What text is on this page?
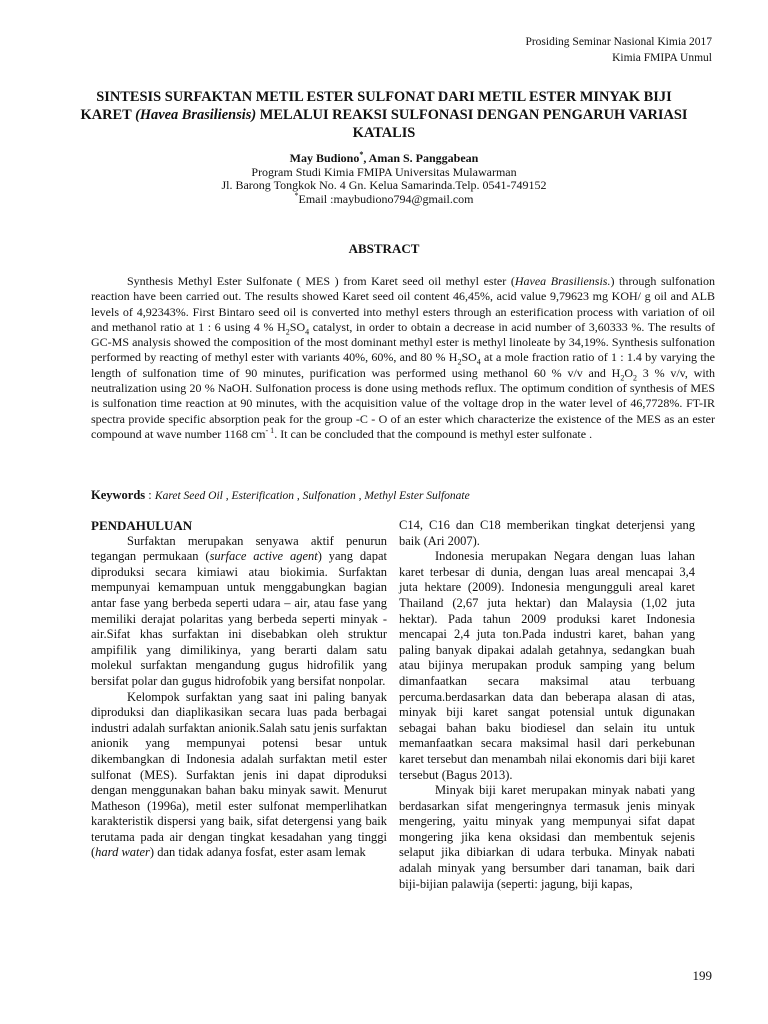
Prosiding Seminar Nasional Kimia 2017
Kimia FMIPA Unmul
SINTESIS SURFAKTAN METIL ESTER SULFONAT DARI METIL ESTER MINYAK BIJI KARET (Havea Brasiliensis) MELALUI REAKSI SULFONASI DENGAN PENGARUH VARIASI KATALIS
May Budiono*, Aman S. Panggabean
Program Studi Kimia FMIPA Universitas Mulawarman
Jl. Barong Tongkok No. 4 Gn. Kelua Samarinda.Telp. 0541-749152
*Email :maybudiono794@gmail.com
ABSTRACT

Synthesis Methyl Ester Sulfonate ( MES ) from Karet seed oil methyl ester (Havea Brasiliensis.) through sulfonation reaction have been carried out. The results showed Karet seed oil content 46,45%, acid value 9,79623 mg KOH/ g oil and ALB levels of 4,92343%. First Bintaro seed oil is converted into methyl esters through an esterification process with variation of oil and methanol ratio at 1 : 6 using 4 % $H_2SO_4$ catalyst, in order to obtain a decrease in acid number of 3,60333 %. The results of GC-MS analysis showed the composition of the most dominant methyl ester is methyl linoleate by 34,19%. Synthesis sulfonation performed by reacting of methyl ester with variants 40%, 60%, and 80 % $H_2SO_4$ at a mole fraction ratio of 1 : 1.4 by varying the length of sulfonation time of 90 minutes, purification was performed using methanol 60 % v/v and $H_2O_2$ 3 % v/v, with neutralization using 20 % NaOH. Sulfonation process is done using methods reflux. The optimum condition of synthesis of MES is sulfonation time reaction at 90 minutes, with the acquisition value of the voltage drop in the water level of 46,7728%. FT-IR spectra provide specific absorption peak for the group -C - O of an ester which characterize the existence of the MES as an ester compound at wave number 1168 $cm^{- 1}$. It can be concluded that the compound is methyl ester sulfonate .

Keywords : Karet Seed Oil , Esterification , Sulfonation , Methyl Ester Sulfonate
PENDAHULUAN

Surfaktan merupakan senyawa aktif penurun tegangan permukaan (surface active agent) yang dapat diproduksi secara kimiawi atau biokimia. Surfaktan mempunyai kemampuan untuk menggabungkan bagian antar fase yang berbeda seperti udara – air, atau fase yang memiliki derajat polaritas yang berbeda seperti minyak - air.Sifat khas surfaktan ini disebabkan oleh struktur ampifilik yang dimilikinya, yang berarti dalam satu molekul surfaktan mengandung gugus hidrofilik yang bersifat polar dan gugus hidrofobik yang bersifat nonpolar.

Kelompok surfaktan yang saat ini paling banyak diproduksi dan diaplikasikan secara luas pada berbagai industri adalah surfaktan anionik.Salah satu jenis surfaktan anionik yang mempunyai potensi besar untuk dikembangkan di Indonesia adalah surfaktan metil ester sulfonat (MES). Surfaktan jenis ini dapat diproduksi dengan menggunakan bahan baku minyak sawit. Menurut Matheson (1996a), metil ester sulfonat memperlihatkan karakteristik dispersi yang baik, sifat detergensi yang baik terutama pada air dengan tingkat kesadahan yang tinggi (hard water) dan tidak adanya fosfat, ester asam lemak

C14, C16 dan C18 memberikan tingkat deterjensi yang baik (Ari 2007).

Indonesia merupakan Negara dengan luas lahan karet terbesar di dunia, dengan luas areal mencapai 3,4 juta hektare (2009). Indonesia mengungguli areal karet Thailand (2,67 juta hektar) dan Malaysia (1,02 juta hektar). Pada tahun 2009 produksi karet Indonesia mencapai 2,4 juta ton.Pada industri karet, bahan yang paling banyak dipakai adalah getahnya, sedangkan buah atau bijinya merupakan produk samping yang belum dimanfaatkan secara maksimal atau terbuang percuma.berdasarkan data dan beberapa alasan di atas, minyak biji karet sangat potensial untuk digunakan sebagai bahan baku biodiesel dan selain itu untuk memanfaatkan secara maksimal hasil dari perkebunan karet tersebut dan menambah nilai ekonomis dari biji karet tersebut (Bagus 2013).

Minyak biji karet merupakan minyak nabati yang berdasarkan sifat mengeringnya termasuk jenis minyak mengering, yaitu minyak yang mempunyai sifat dapat mongering jika kena oksidasi dan membentuk sejenis selaput jika dibiarkan di udara terbuka. Minyak nabati adalah minyak yang bersumber dari tanaman, baik dari biji-bijian palawija (seperti: jagung, biji kapas,

199
